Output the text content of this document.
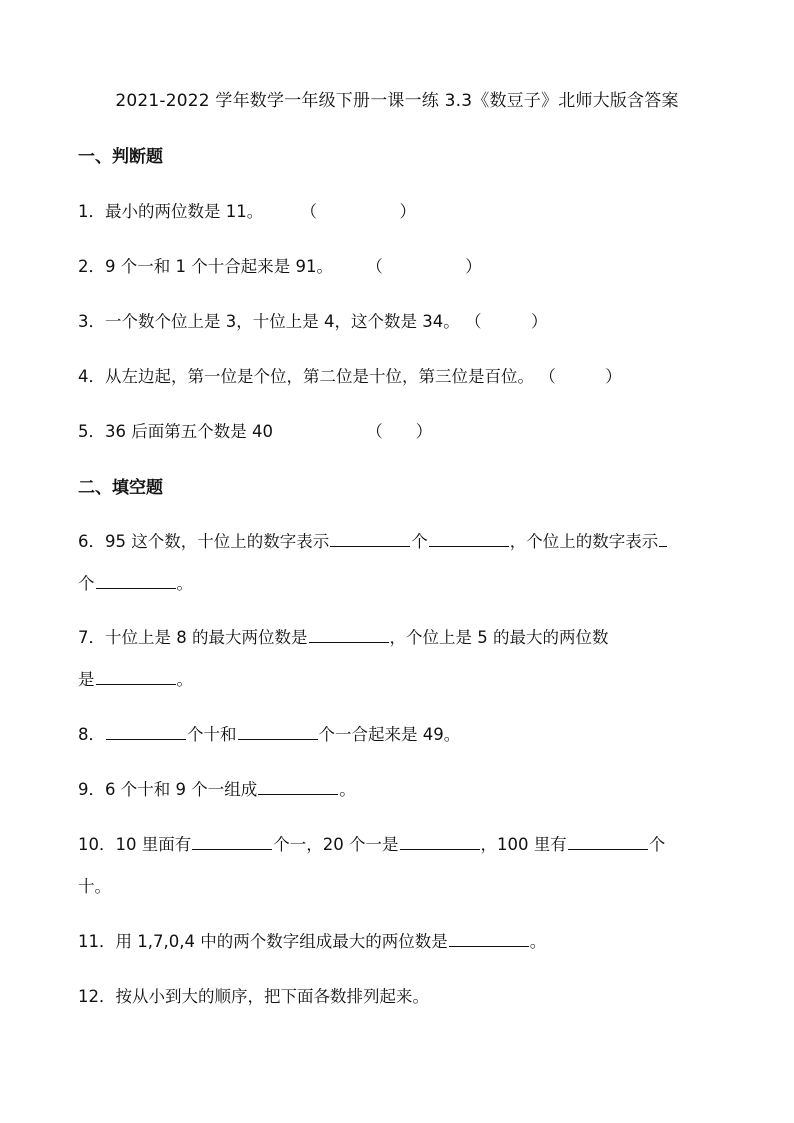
2021-2022 学年数学一年级下册一课一练 3.3《数豆子》北师大版含答案
一、判断题
1．最小的两位数是 11。 （　　　　　）
2．9 个一和 1 个十合起来是 91。 （　　　　　）
3．一个数个位上是 3，十位上是 4，这个数是 34。 （　　　）
4．从左边起，第一位是个位，第二位是十位，第三位是百位。 （　　　）
5．36 后面第五个数是 40	（　　）
二、填空题
6．95 这个数，十位上的数字表示	个	，个位上的数字表示
个	。
7．十位上是 8 的最大两位数是	，个位上是 5 的最大的两位数
是	。
8．	个十和	个一合起来是 49。
9．6 个十和 9 个一组成	。
10．10 里面有	个一，20 个一是	，100 里有	个
十。
11．用 1,7,0,4 中的两个数字组成最大的两位数是	。
12．按从小到大的顺序，把下面各数排列起来。
